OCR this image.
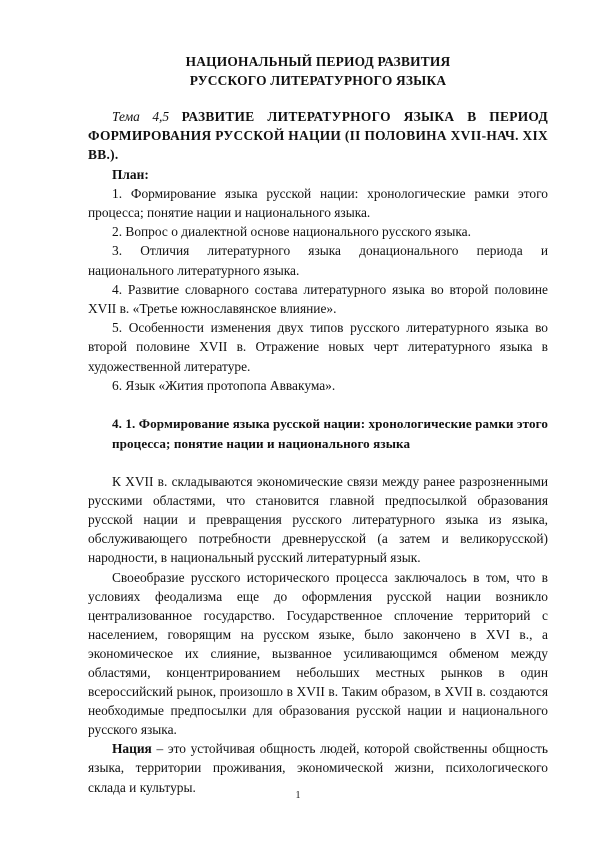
НАЦИОНАЛЬНЫЙ ПЕРИОД РАЗВИТИЯ
РУССКОГО ЛИТЕРАТУРНОГО ЯЗЫКА
Тема 4,5 РАЗВИТИЕ ЛИТЕРАТУРНОГО ЯЗЫКА В ПЕРИОД ФОРМИРОВАНИЯ РУССКОЙ НАЦИИ (II ПОЛОВИНА XVII-НАЧ. XIX ВВ.).
План:

1. Формирование языка русской нации: хронологические рамки этого процесса; понятие нации и национального языка.

2. Вопрос о диалектной основе национального русского языка.

3. Отличия литературного языка донационального периода и национального литературного языка.

4. Развитие словарного состава литературного языка во второй половине XVII в. «Третье южнославянское влияние».

5. Особенности изменения двух типов русского литературного языка во второй половине XVII в. Отражение новых черт литературного языка в художественной литературе.

6. Язык «Жития протопопа Аввакума».

4. 1. Формирование языка русской нации: хронологические рамки этого процесса; понятие нации и национального языка

К XVII в. складываются экономические связи между ранее разрозненными русскими областями, что становится главной предпосылкой образования русской нации и превращения русского литературного языка из языка, обслуживающего потребности древнерусской (а затем и великорусской) народности, в национальный русский литературный язык.

Своеобразие русского исторического процесса заключалось в том, что в условиях феодализма еще до оформления русской нации возникло централизованное государство. Государственное сплочение территорий с населением, говорящим на русском языке, было закончено в XVI в., а экономическое их слияние, вызванное усиливающимся обменом между областями, концентрированием небольших местных рынков в один всероссийский рынок, произошло в XVII в. Таким образом, в XVII в. создаются необходимые предпосылки для образования русской нации и национального русского языка.

Нация – это устойчивая общность людей, которой свойственны общность языка, территории проживания, экономической жизни, психологического склада и культуры.

1
